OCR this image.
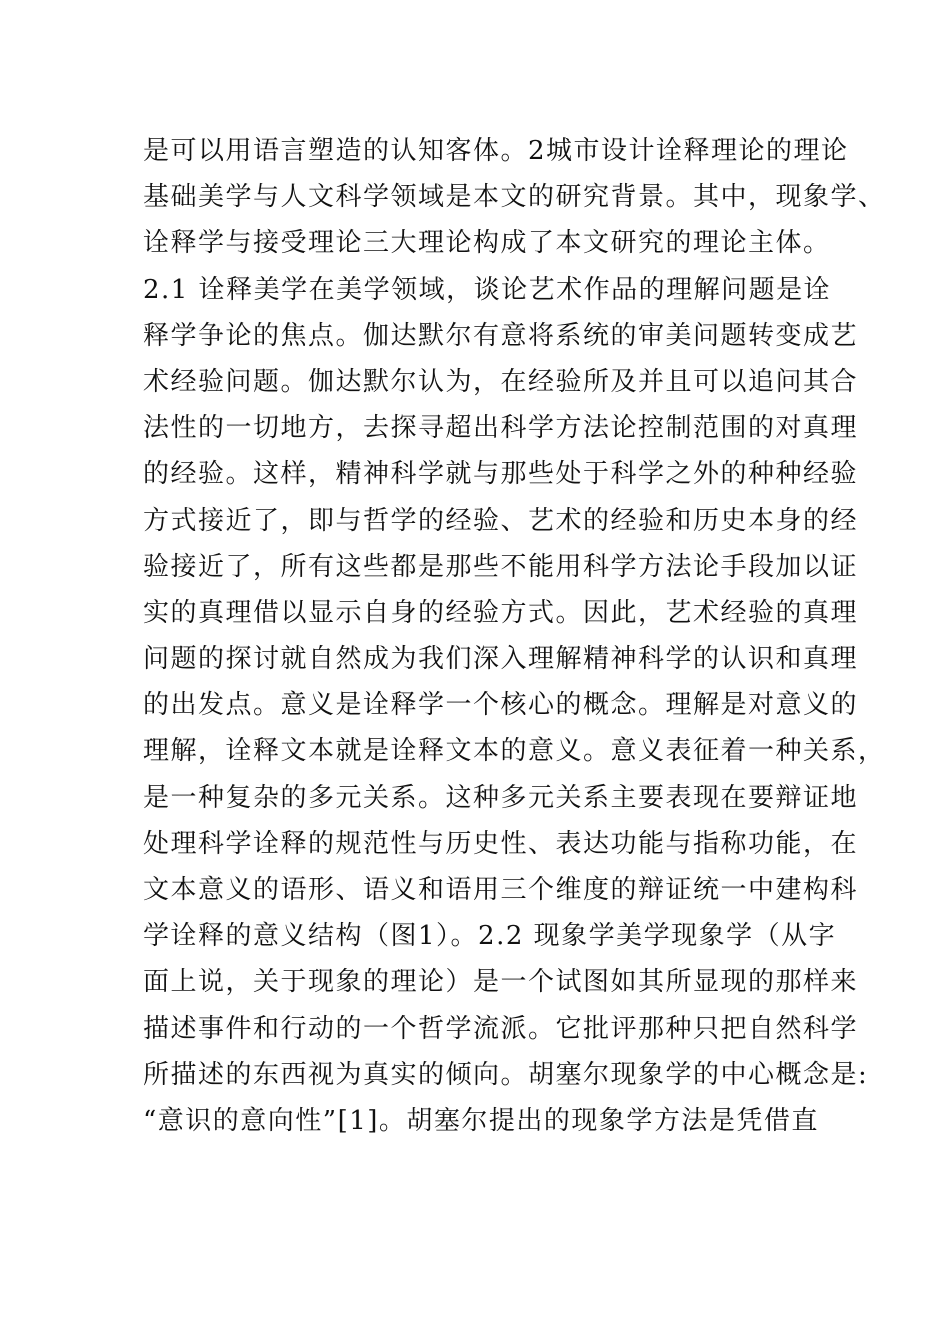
是可以用语言塑造的认知客体。2城市设计诠释理论的理论
基础美学与人文科学领域是本文的研究背景。其中，现象学、
诠释学与接受理论三大理论构成了本文研究的理论主体。
2.1 诠释美学在美学领域，谈论艺术作品的理解问题是诠
释学争论的焦点。伽达默尔有意将系统的审美问题转变成艺
术经验问题。伽达默尔认为，在经验所及并且可以追问其合
法性的一切地方，去探寻超出科学方法论控制范围的对真理
的经验。这样，精神科学就与那些处于科学之外的种种经验
方式接近了，即与哲学的经验、艺术的经验和历史本身的经
验接近了，所有这些都是那些不能用科学方法论手段加以证
实的真理借以显示自身的经验方式。因此，艺术经验的真理
问题的探讨就自然成为我们深入理解精神科学的认识和真理
的出发点。意义是诠释学一个核心的概念。理解是对意义的
理解，诠释文本就是诠释文本的意义。意义表征着一种关系，
是一种复杂的多元关系。这种多元关系主要表现在要辩证地
处理科学诠释的规范性与历史性、表达功能与指称功能，在
文本意义的语形、语义和语用三个维度的辩证统一中建构科
学诠释的意义结构（图1）。2.2 现象学美学现象学（从字
面上说，关于现象的理论）是一个试图如其所显现的那样来
描述事件和行动的一个哲学流派。它批评那种只把自然科学
所描述的东西视为真实的倾向。胡塞尔现象学的中心概念是:
“意识的意向性”[1]。胡塞尔提出的现象学方法是凭借直
